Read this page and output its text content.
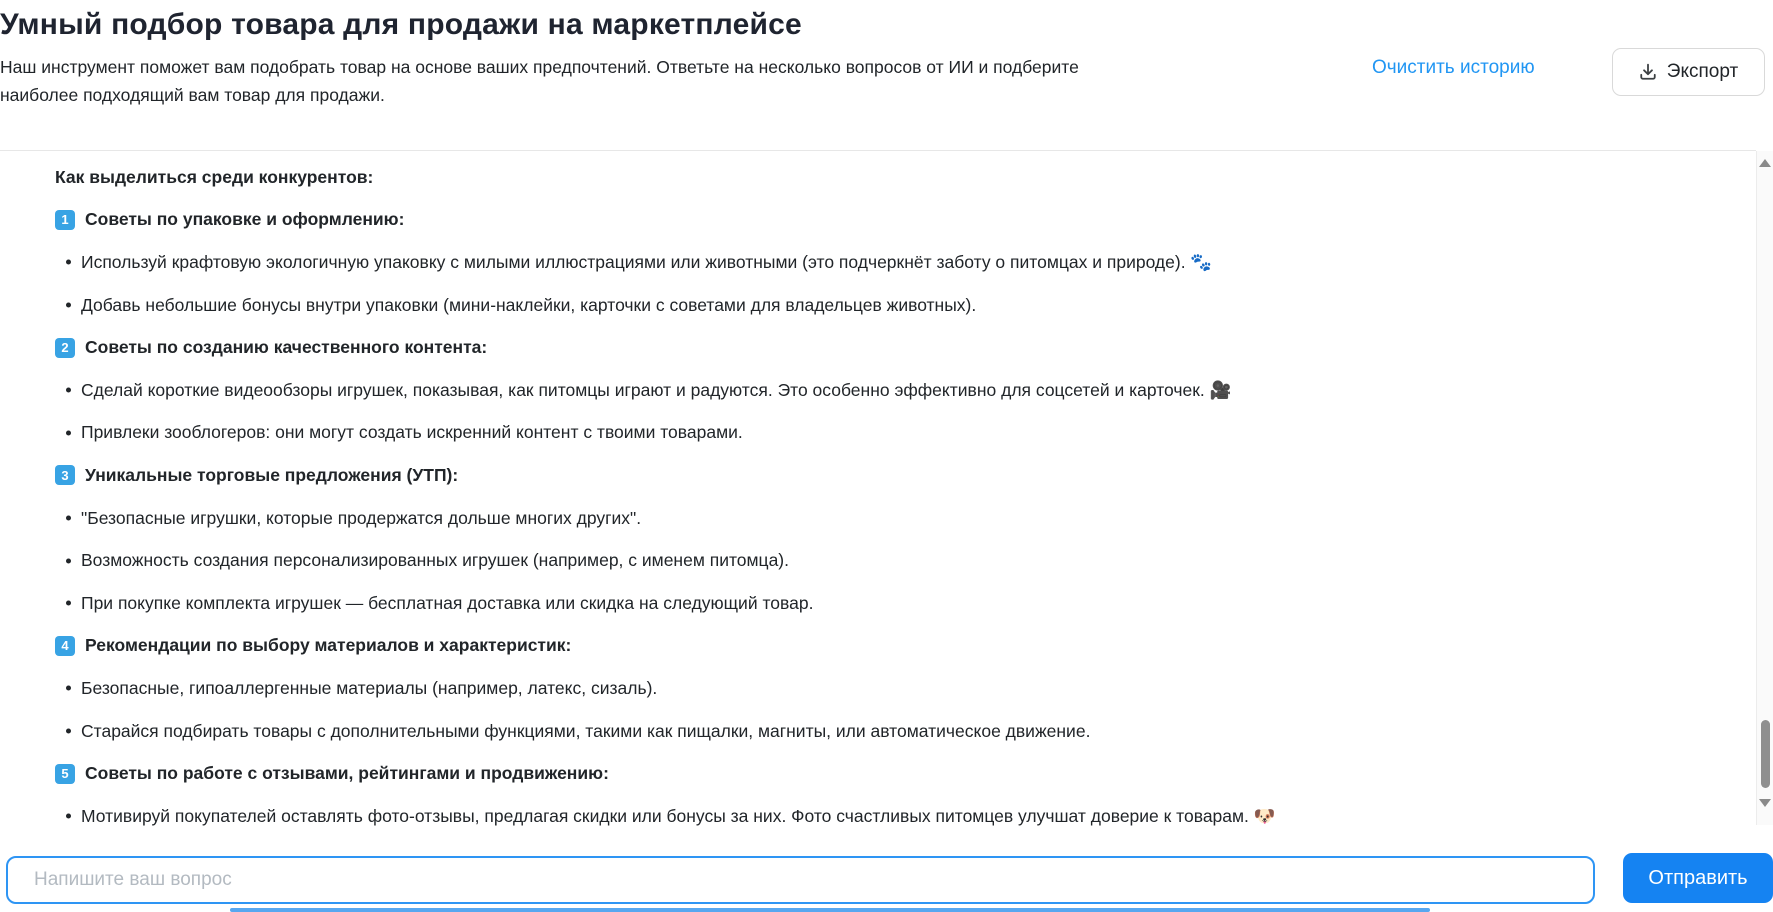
Умный подбор товара для продажи на маркетплейсе

Наш инструмент поможет вам подобрать товар на основе ваших предпочтений. Ответьте на несколько вопросов от ИИ и подберите наиболее подходящий вам товар для продажи.

Очистить историю	Экспорт
Как выделиться среди конкурентов:
1 Советы по упаковке и оформлению:
Используй крафтовую экологичную упаковку с милыми иллюстрациями или животными (это подчеркнёт заботу о питомцах и природе). 🐾
Добавь небольшие бонусы внутри упаковки (мини-наклейки, карточки с советами для владельцев животных).
2 Советы по созданию качественного контента:
Сделай короткие видеообзоры игрушек, показывая, как питомцы играют и радуются. Это особенно эффективно для соцсетей и карточек. 🎥
Привлеки зооблогеров: они могут создать искренний контент с твоими товарами.
3 Уникальные торговые предложения (УТП):
"Безопасные игрушки, которые продержатся дольше многих других".
Возможность создания персонализированных игрушек (например, с именем питомца).
При покупке комплекта игрушек — бесплатная доставка или скидка на следующий товар.
4 Рекомендации по выбору материалов и характеристик:
Безопасные, гипоаллергенные материалы (например, латекс, сизаль).
Старайся подбирать товары с дополнительными функциями, такими как пищалки, магниты, или автоматическое движение.
5 Советы по работе с отзывами, рейтингами и продвижению:
Мотивируй покупателей оставлять фото-отзывы, предлагая скидки или бонусы за них. Фото счастливых питомцев улучшат доверие к товарам. 🐶
Напишите ваш вопрос
Отправить
